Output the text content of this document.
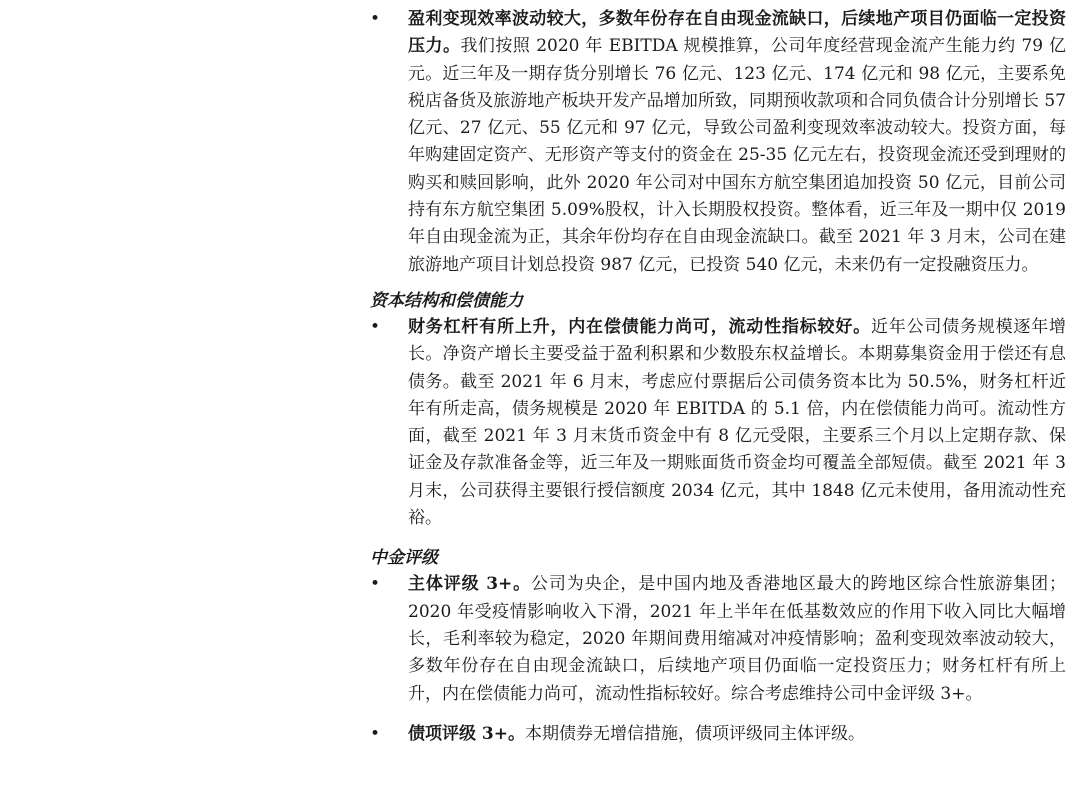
•	盈利变现效率波动较大，多数年份存在自由现金流缺口，后续地产项目仍面临一定投资压力。我们按照 2020 年 EBITDA 规模推算，公司年度经营现金流产生能力约 79 亿元。近三年及一期存货分别增长 76 亿元、123 亿元、174 亿元和 98 亿元，主要系免税店备货及旅游地产板块开发产品增加所致，同期预收款项和合同负债合计分别增长 57 亿元、27 亿元、55 亿元和 97 亿元，导致公司盈利变现效率波动较大。投资方面，每年购建固定资产、无形资产等支付的资金在 25-35 亿元左右，投资现金流还受到理财的购买和赎回影响，此外 2020 年公司对中国东方航空集团追加投资 50 亿元，目前公司持有东方航空集团 5.09%股权，计入长期股权投资。整体看，近三年及一期中仅 2019 年自由现金流为正，其余年份均存在自由现金流缺口。截至 2021 年 3 月末，公司在建旅游地产项目计划总投资 987 亿元，已投资 540 亿元，未来仍有一定投融资压力。
资本结构和偿债能力
•	财务杠杆有所上升，内在偿债能力尚可，流动性指标较好。近年公司债务规模逐年增长。净资产增长主要受益于盈利积累和少数股东权益增长。本期募集资金用于偿还有息债务。截至 2021 年 6 月末，考虑应付票据后公司债务资本比为 50.5%，财务杠杆近年有所走高，债务规模是 2020 年 EBITDA 的 5.1 倍，内在偿债能力尚可。流动性方面，截至 2021 年 3 月末货币资金中有 8 亿元受限，主要系三个月以上定期存款、保证金及存款准备金等，近三年及一期账面货币资金均可覆盖全部短债。截至 2021 年 3 月末，公司获得主要银行授信额度 2034 亿元，其中 1848 亿元未使用，备用流动性充裕。
中金评级
•	主体评级 3+。公司为央企，是中国内地及香港地区最大的跨地区综合性旅游集团；2020 年受疫情影响收入下滑，2021 年上半年在低基数效应的作用下收入同比大幅增长，毛利率较为稳定，2020 年期间费用缩减对冲疫情影响；盈利变现效率波动较大，多数年份存在自由现金流缺口，后续地产项目仍面临一定投资压力；财务杠杆有所上升，内在偿债能力尚可，流动性指标较好。综合考虑维持公司中金评级 3+。
•	债项评级 3+。本期债券无增信措施，债项评级同主体评级。
